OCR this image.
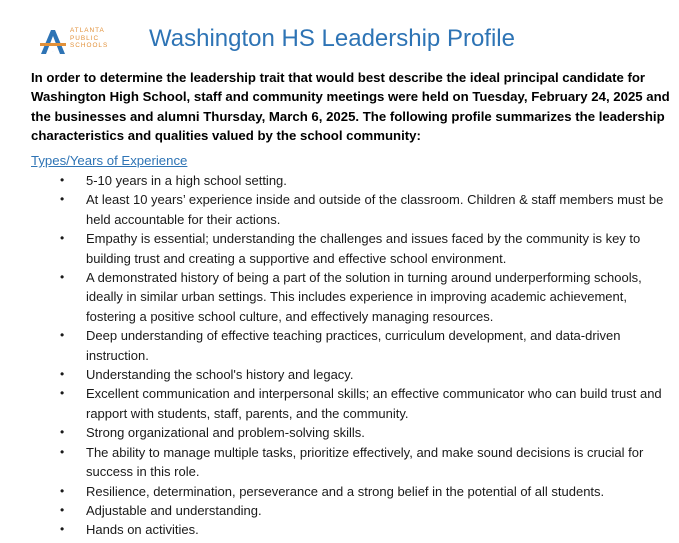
A
ATLANTA
PUBLIC
SCHOOLS	Washington HS Leadership Profile

In order to determine the leadership trait that would best describe the ideal principal candidate for Washington High School, staff and community meetings were held on Tuesday, February 24, 2025 and the businesses and alumni Thursday, March 6, 2025. The following profile summarizes the leadership characteristics and qualities valued by the school community:

Types/Years of Experience
• 5-10 years in a high school setting.
• At least 10 years’ experience inside and outside of the classroom. Children & staff members must be held accountable for their actions.
• Empathy is essential; understanding the challenges and issues faced by the community is key to building trust and creating a supportive and effective school environment.
• A demonstrated history of being a part of the solution in turning around underperforming schools, ideally in similar urban settings. This includes experience in improving academic achievement, fostering a positive school culture, and effectively managing resources.
• Deep understanding of effective teaching practices, curriculum development, and data-driven instruction.
• Understanding the school's history and legacy.
• Excellent communication and interpersonal skills; an effective communicator who can build trust and rapport with students, staff, parents, and the community.
• Strong organizational and problem-solving skills.
• The ability to manage multiple tasks, prioritize effectively, and make sound decisions is crucial for success in this role.
• Resilience, determination, perseverance and a strong belief in the potential of all students.
• Adjustable and understanding.
• Hands on activities.
